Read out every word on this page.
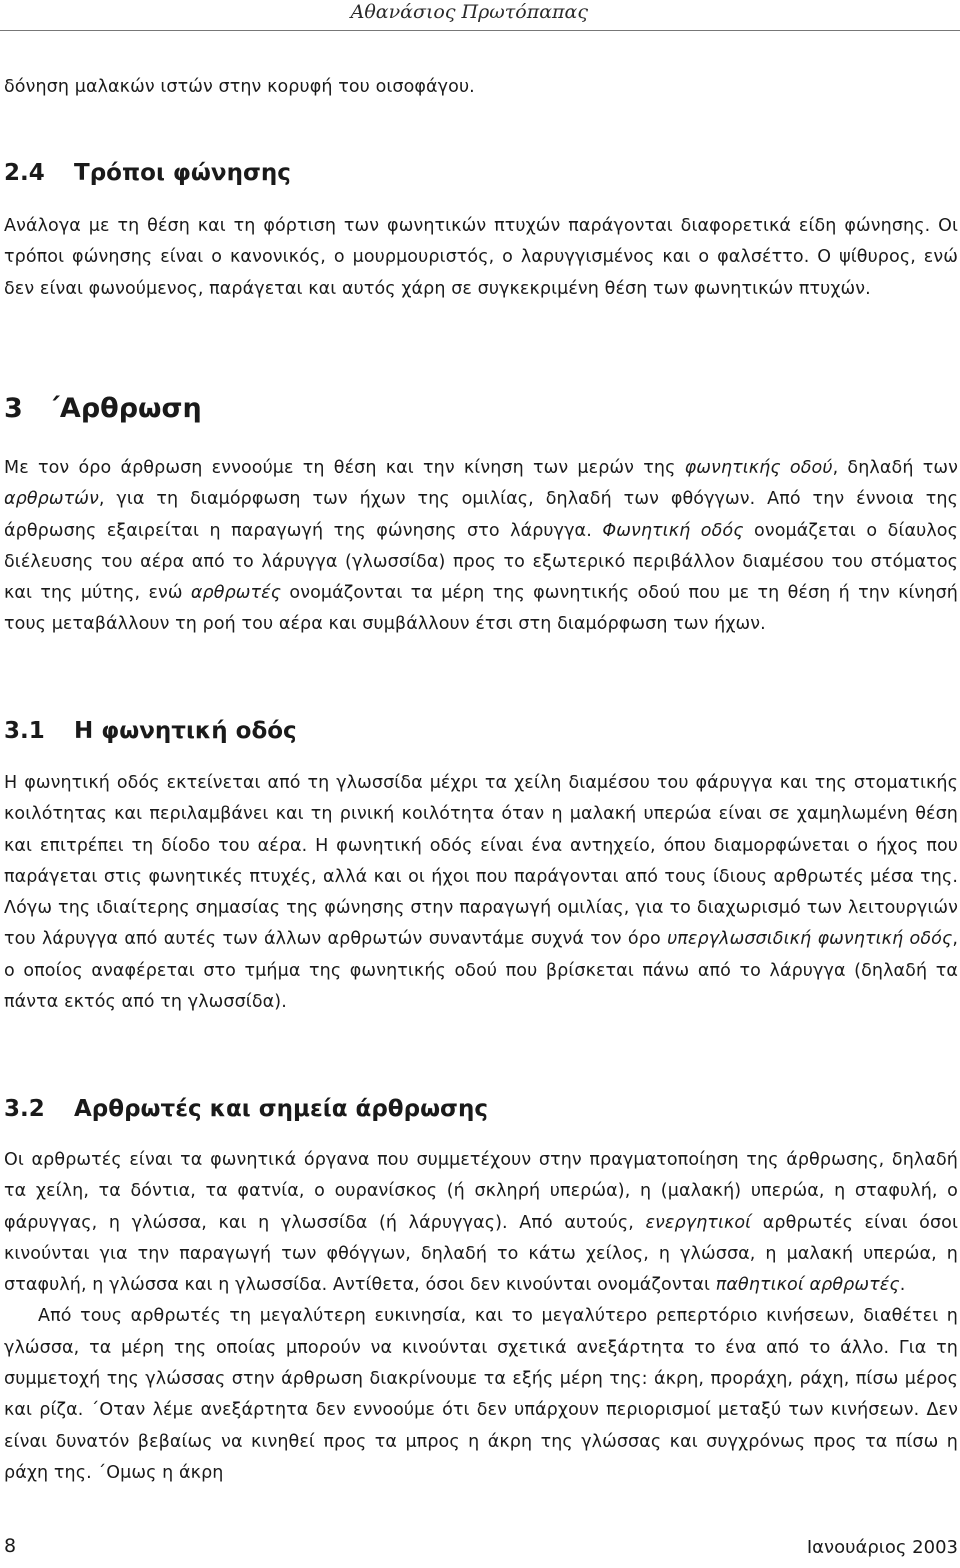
Αθανάσιος Πρωτόπαπας

δόνηση μαλακών ιστών στην κορυφή του οισοφάγου.

2.4 Τρόποι φώνησης

Ανάλογα με τη θέση και τη φόρτιση των φωνητικών πτυχών παράγονται διαφορετικά είδη φώνησης. Οι τρόποι φώνησης είναι ο κανονικός, ο μουρμουριστός, ο λαρυγγισμένος και ο φαλσέττο. Ο ψίθυρος, ενώ δεν είναι φωνούμενος, παράγεται και αυτός χάρη σε συγκεκριμένη θέση των φωνητικών πτυχών.

3 ΄Αρθρωση

Με τον όρο άρθρωση εννοούμε τη θέση και την κίνηση των μερών της φωνητικής οδού, δηλαδή των αρθρωτών, για τη διαμόρφωση των ήχων της ομιλίας, δηλαδή των φθόγγων. Από την έννοια της άρθρωσης εξαιρείται η παραγωγή της φώνησης στο λάρυγγα. Φωνητική οδός ονομάζεται ο δίαυλος διέλευσης του αέρα από το λάρυγγα (γλωσσίδα) προς το εξωτερικό περιβάλλον διαμέσου του στόματος και της μύτης, ενώ αρθρωτές ονομάζονται τα μέρη της φωνητικής οδού που με τη θέση ή την κίνησή τους μεταβάλλουν τη ροή του αέρα και συμβάλλουν έτσι στη διαμόρφωση των ήχων.

3.1 Η φωνητική οδός

Η φωνητική οδός εκτείνεται από τη γλωσσίδα μέχρι τα χείλη διαμέσου του φάρυγγα και της στοματικής κοιλότητας και περιλαμβάνει και τη ρινική κοιλότητα όταν η μαλακή υπερώα είναι σε χαμηλωμένη θέση και επιτρέπει τη δίοδο του αέρα. Η φωνητική οδός είναι ένα αντηχείο, όπου διαμορφώνεται ο ήχος που παράγεται στις φωνητικές πτυχές, αλλά και οι ήχοι που παράγονται από τους ίδιους αρθρωτές μέσα της. Λόγω της ιδιαίτερης σημασίας της φώνησης στην παραγωγή ομιλίας, για το διαχωρισμό των λειτουργιών του λάρυγγα από αυτές των άλλων αρθρωτών συναντάμε συχνά τον όρο υπεργλωσσιδική φωνητική οδός, ο οποίος αναφέρεται στο τμήμα της φωνητικής οδού που βρίσκεται πάνω από το λάρυγγα (δηλαδή τα πάντα εκτός από τη γλωσσίδα).

3.2 Αρθρωτές και σημεία άρθρωσης

Οι αρθρωτές είναι τα φωνητικά όργανα που συμμετέχουν στην πραγματοποίηση της άρθρωσης, δηλαδή τα χείλη, τα δόντια, τα φατνία, ο ουρανίσκος (ή σκληρή υπερώα), η (μαλακή) υπερώα, η σταφυλή, ο φάρυγγας, η γλώσσα, και η γλωσσίδα (ή λάρυγγας). Από αυτούς, ενεργητικοί αρθρωτές είναι όσοι κινούνται για την παραγωγή των φθόγγων, δηλαδή το κάτω χείλος, η γλώσσα, η μαλακή υπερώα, η σταφυλή, η γλώσσα και η γλωσσίδα. Αντίθετα, όσοι δεν κινούνται ονομάζονται παθητικοί αρθρωτές.

Από τους αρθρωτές τη μεγαλύτερη ευκινησία, και το μεγαλύτερο ρεπερτόριο κινήσεων, διαθέτει η γλώσσα, τα μέρη της οποίας μπορούν να κινούνται σχετικά ανεξάρτητα το ένα από το άλλο. Για τη συμμετοχή της γλώσσας στην άρθρωση διακρίνουμε τα εξής μέρη της: άκρη, προράχη, ράχη, πίσω μέρος και ρίζα. ΄Οταν λέμε ανεξάρτητα δεν εννοούμε ότι δεν υπάρχουν περιορισμοί μεταξύ των κινήσεων. Δεν είναι δυνατόν βεβαίως να κινηθεί προς τα μπρος η άκρη της γλώσσας και συγχρόνως προς τα πίσω η ράχη της. ΄Ομως η άκρη

8	Ιανουάριος 2003
